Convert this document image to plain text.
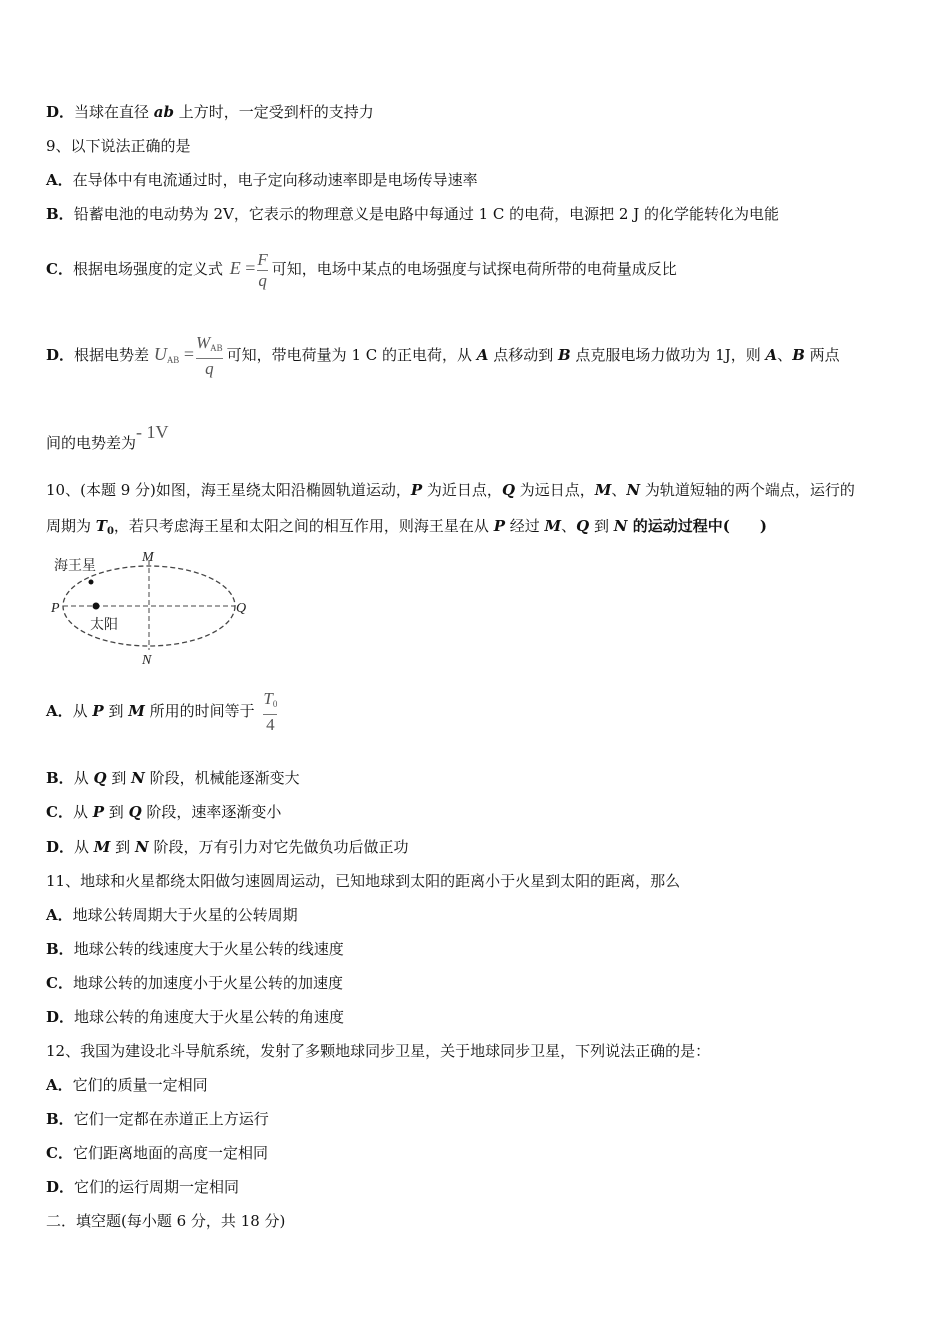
D．当球在直径 ab 上方时，一定受到杆的支持力
9、以下说法正确的是
A．在导体中有电流通过时，电子定向移动速率即是电场传导速率
B．铅蓄电池的电动势为 2V，它表示的物理意义是电路中每通过 1 C 的电荷，电源把 2 J 的化学能转化为电能
C．根据电场强度的定义式 $E = \frac{F}{q}$ 可知，电场中某点的电场强度与试探电荷所带的电荷量成反比
D．根据电势差 $U_{AB} = \frac{W_{AB}}{q}$ 可知，带电荷量为 1 C 的正电荷，从 A 点移动到 B 点克服电场力做功为 1J，则 A、B 两点
间的电势差为- 1V
10、(本题 9 分)如图，海王星绕太阳沿椭圆轨道运动，P 为近日点，Q 为远日点，M、N 为轨道短轴的两个端点，运行的
周期为 $T_0$，若只考虑海王星和太阳之间的相互作用，则海王星在从 P 经过 M、Q 到 N 的运动过程中(　　)
海王星
太阳
P	Q
M
N
A．从 P 到 M 所用的时间等于 $\frac{T_0}{4}$
B．从 Q 到 N 阶段，机械能逐渐变大
C．从 P 到 Q 阶段，速率逐渐变小
D．从 M 到 N 阶段，万有引力对它先做负功后做正功
11、地球和火星都绕太阳做匀速圆周运动，已知地球到太阳的距离小于火星到太阳的距离，那么
A．地球公转周期大于火星的公转周期
B．地球公转的线速度大于火星公转的线速度
C．地球公转的加速度小于火星公转的加速度
D．地球公转的角速度大于火星公转的角速度
12、我国为建设北斗导航系统，发射了多颗地球同步卫星，关于地球同步卫星，下列说法正确的是：
A．它们的质量一定相同
B．它们一定都在赤道正上方运行
C．它们距离地面的高度一定相同
D．它们的运行周期一定相同
二．填空题(每小题 6 分，共 18 分)
